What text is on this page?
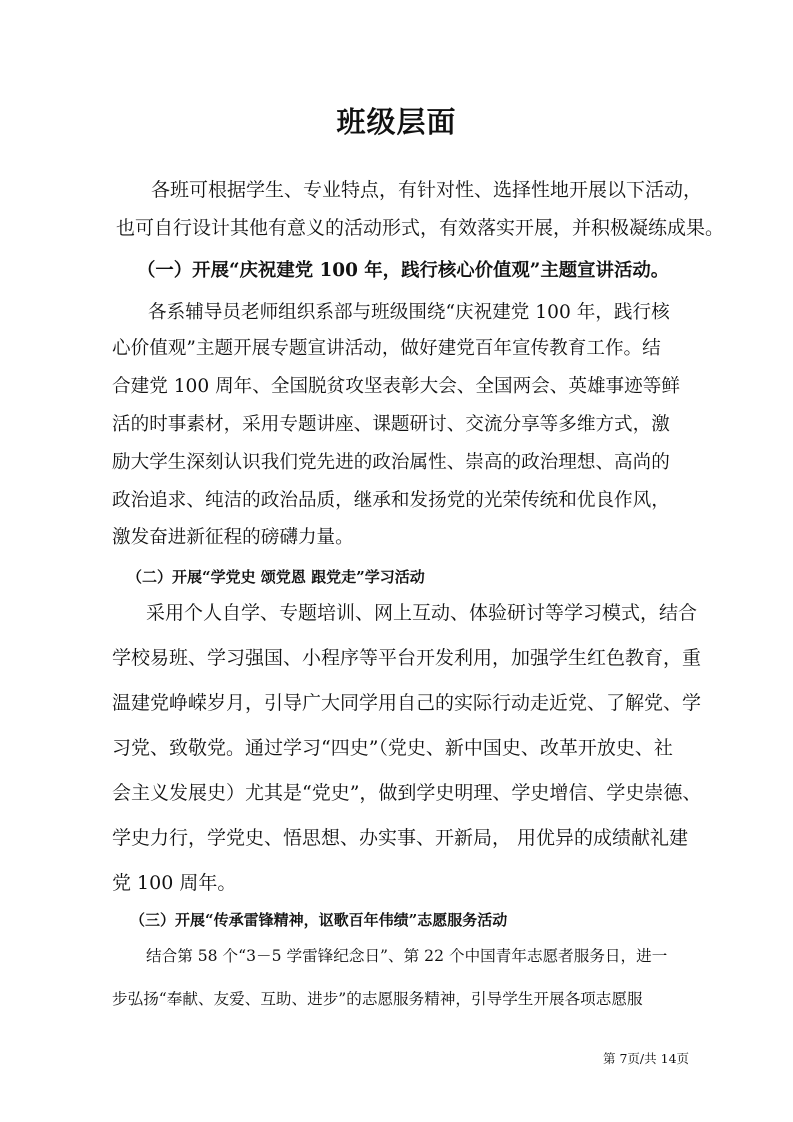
班级层面

各班可根据学生、专业特点，有针对性、选择性地开展以下活动，

也可自行设计其他有意义的活动形式，有效落实开展，并积极凝练成果。

（一）开展“庆祝建党 100 年，践行核心价值观”主题宣讲活动。

各系辅导员老师组织系部与班级围绕“庆祝建党 100 年，践行核

心价值观”主题开展专题宣讲活动，做好建党百年宣传教育工作。结

合建党 100 周年、全国脱贫攻坚表彰大会、全国两会、英雄事迹等鲜

活的时事素材，采用专题讲座、课题研讨、交流分享等多维方式，激

励大学生深刻认识我们党先进的政治属性、崇高的政治理想、高尚的

政治追求、纯洁的政治品质，继承和发扬党的光荣传统和优良作风，

激发奋进新征程的磅礴力量。

（二）开展“学党史 颂党恩 跟党走”学习活动

采用个人自学、专题培训、网上互动、体验研讨等学习模式，结合

学校易班、学习强国、小程序等平台开发利用，加强学生红色教育，重

温建党峥嵘岁月，引导广大同学用自己的实际行动走近党、了解党、学

习党、致敬党。通过学习“四史”（党史、新中国史、改革开放史、社

会主义发展史）尤其是“党史”，做到学史明理、学史增信、学史崇德、

学史力行，学党史、悟思想、办实事、开新局， 用优异的成绩献礼建

党 100 周年。

（三）开展“传承雷锋精神，讴歌百年伟绩”志愿服务活动

结合第 58 个“3－5 学雷锋纪念日”、第 22 个中国青年志愿者服务日，进一

步弘扬“奉献、友爱、互助、进步”的志愿服务精神，引导学生开展各项志愿服

第 7页/共 14页
